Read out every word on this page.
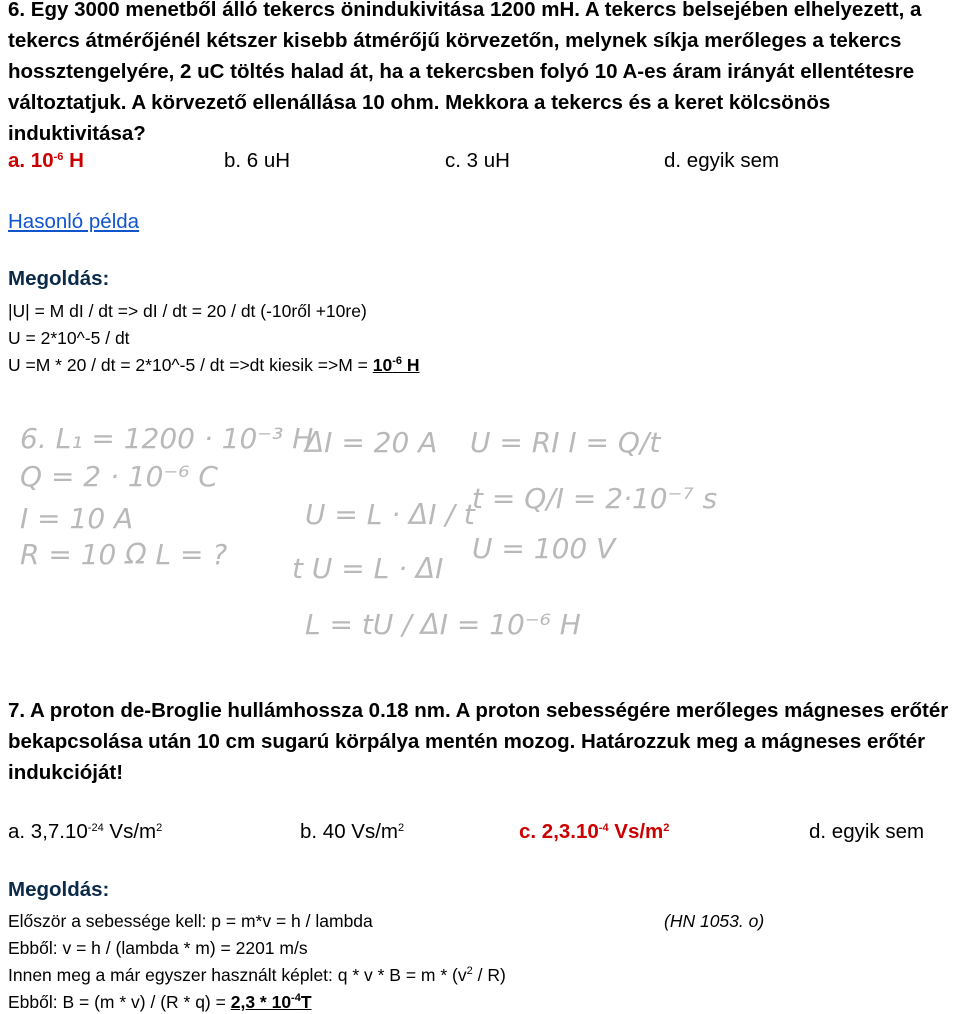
6. Egy 3000 menetből álló tekercs önindukivitása 1200 mH. A tekercs belsejében elhelyezett, a tekercs átmérőjénél kétszer kisebb átmérőjű körvezetőn, melynek síkja merőleges a tekercs hossztengelyére, 2 uC töltés halad át, ha a tekercsben folyó 10 A-es áram irányát ellentétesre változtatjuk. A körvezető ellenállása 10 ohm. Mekkora a tekercs és a keret kölcsönös induktivitása?
a. $10^{-6}$ H	b. 6 uH	c. 3 uH	d. egyik sem
Hasonló példa
Megoldás:
|U| = M dI / dt => dI / dt = 20 / dt (-10ről +10re)
U = 2*10^-5 / dt
U =M * 20 / dt = 2*10^-5 / dt =>dt kiesik $=>M = 10^{-6}$ H
6. L₁ = 1200 · 10⁻³ H
Q = 2 · 10⁻⁶ C
I = 10 A
R = 10 Ω L = ?
ΔI = 20 A
U = L · ΔI / t
t U = L · ΔI
L = tU / ΔI = 10⁻⁶ H
U = RI I = Q/t
t = Q/I = 2·10⁻⁷ s
U = 100 V
7. A proton de-Broglie hullámhossza 0.18 nm. A proton sebességére merőleges mágneses erőtér bekapcsolása után 10 cm sugarú körpálya mentén mozog. Határozzuk meg a mágneses erőtér indukcióját!
a. $3,7.10^{-24}$ $Vs/m^2$	b. 40 $Vs/m^2$	c. $2,3.10^{-4}$ $Vs/m^2$	d. egyik sem
Megoldás:
Először a sebessége kell: p = m*v = h / lambda	(HN 1053. o)
Ebből: v = h / (lambda * m) = 2201 m/s
Innen meg a már egyszer használt képlet: $q * v * B = m * (v^2 / R)$
Ebből: $B = (m * v) / (R * q) = 2,3 * 10^{-4}T$
